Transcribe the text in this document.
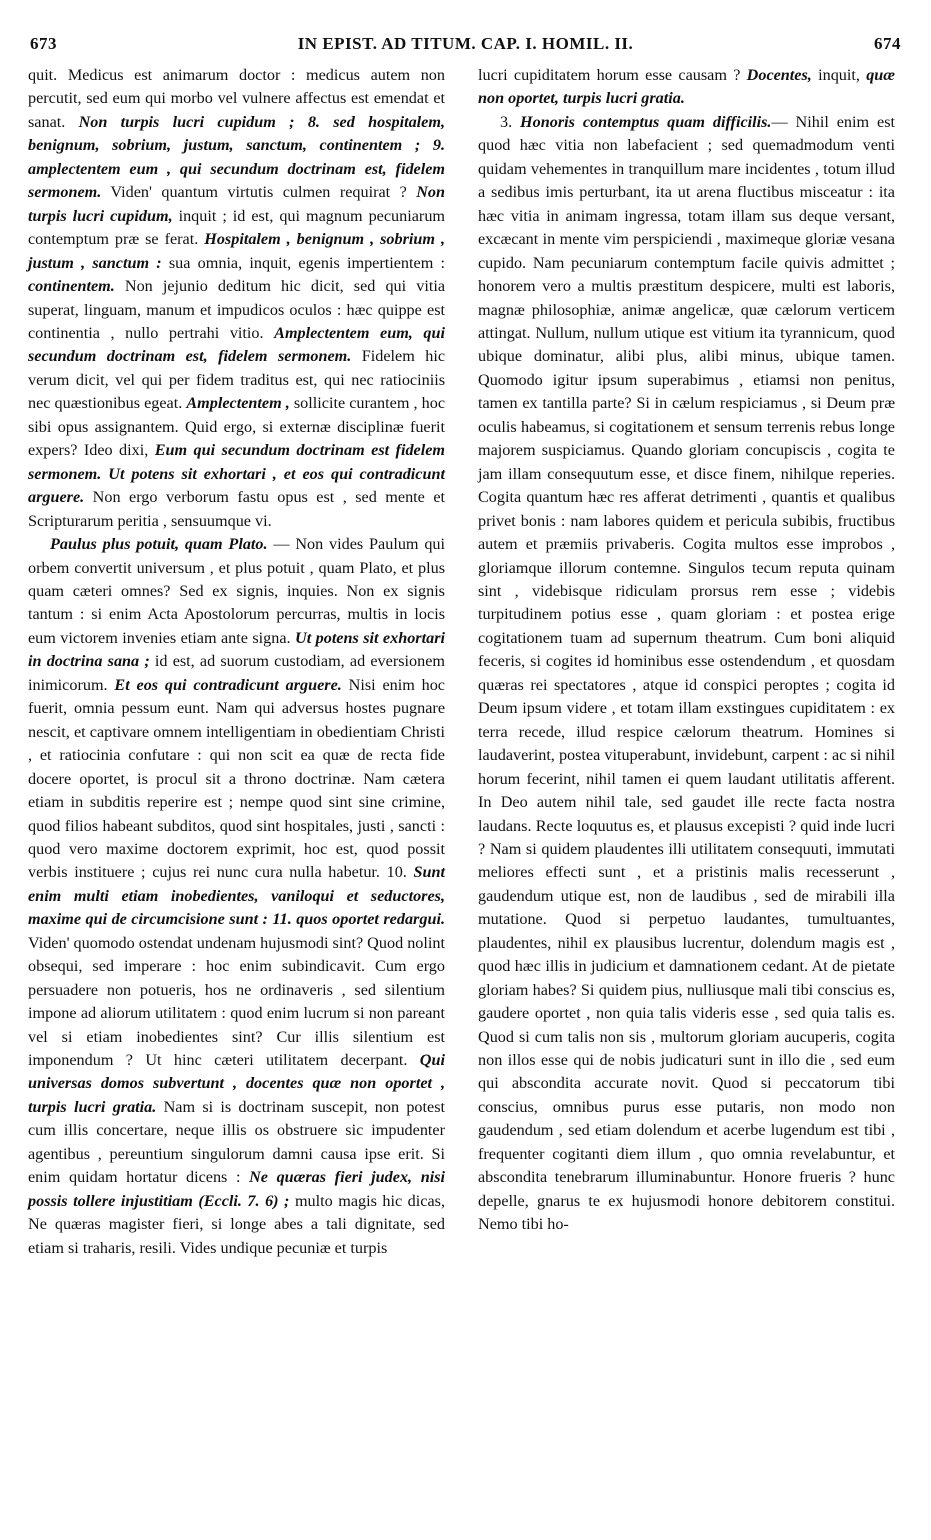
673	IN EPIST. AD TITUM. CAP. I. HOMIL. II.	674

quit. Medicus est animarum doctor : medicus autem non percutit, sed eum qui morbo vel vulnere affectus est emendat et sanat. Non turpis lucri cupidum ; 8. sed hospitalem, benignum, sobrium, justum, sanctum, continentem ; 9. amplectentem eum , qui secundum doctrinam est, fidelem sermonem. Viden' quantum virtutis culmen requirat ? Non turpis lucri cupidum, inquit ; id est, qui magnum pecuniarum contemptum præ se ferat. Hospitalem , benignum , sobrium , justum , sanctum : sua omnia, inquit, egenis impertientem : continentem. Non jejunio deditum hic dicit, sed qui vitia superat, linguam, manum et impudicos oculos : hæc quippe est continentia , nullo pertrahi vitio. Amplectentem eum, qui secundum doctrinam est, fidelem sermonem. Fidelem hic verum dicit, vel qui per fidem traditus est, qui nec ratiociniis nec quæstionibus egeat. Amplectentem , sollicite curantem , hoc sibi opus assignantem. Quid ergo, si externæ disciplinæ fuerit expers? Ideo dixi, Eum qui secundum doctrinam est fidelem sermonem. Ut potens sit exhortari , et eos qui contradicunt arguere. Non ergo verborum fastu opus est , sed mente et Scripturarum peritia , sensuumque vi.

Paulus plus potuit, quam Plato. — Non vides Paulum qui orbem convertit universum , et plus potuit , quam Plato, et plus quam cæteri omnes? Sed ex signis, inquies. Non ex signis tantum : si enim Acta Apostolorum percurras, multis in locis eum victorem invenies etiam ante signa. Ut potens sit exhortari in doctrina sana ; id est, ad suorum custodiam, ad eversionem inimicorum. Et eos qui contradicunt arguere. Nisi enim hoc fuerit, omnia pessum eunt. Nam qui adversus hostes pugnare nescit, et captivare omnem intelligentiam in obedientiam Christi , et ratiocinia confutare : qui non scit ea quæ de recta fide docere oportet, is procul sit a throno doctrinæ. Nam cætera etiam in subditis reperire est ; nempe quod sint sine crimine, quod filios habeant subditos, quod sint hospitales, justi , sancti : quod vero maxime doctorem exprimit, hoc est, quod possit verbis instituere ; cujus rei nunc cura nulla habetur. 10. Sunt enim multi etiam inobedientes, vaniloqui et seductores, maxime qui de circumcisione sunt : 11. quos oportet redargui. Viden' quomodo ostendat undenam hujusmodi sint? Quod nolint obsequi, sed imperare : hoc enim subindicavit. Cum ergo persuadere non potueris, hos ne ordinaveris , sed silentium impone ad aliorum utilitatem : quod enim lucrum si non pareant vel si etiam inobedientes sint? Cur illis silentium est imponendum ? Ut hinc cæteri utilitatem decerpant. Qui universas domos subvertunt , docentes quæ non oportet , turpis lucri gratia. Nam si is doctrinam suscepit, non potest cum illis concertare, neque illis os obstruere sic impudenter agentibus , pereuntium singulorum damni causa ipse erit. Si enim quidam hortatur dicens : Ne quæras fieri judex, nisi possis tollere injustitiam (Eccli. 7. 6) ; multo magis hic dicas, Ne quæras magister fieri, si longe abes a tali dignitate, sed etiam si traharis, resili. Vides undique pecuniæ et turpis

lucri cupiditatem horum esse causam ? Docentes, inquit, quæ non oportet, turpis lucri gratia.

3. Honoris contemptus quam difficilis.— Nihil enim est quod hæc vitia non labefacient ; sed quemadmodum venti quidam vehementes in tranquillum mare incidentes , totum illud a sedibus imis perturbant, ita ut arena fluctibus misceatur : ita hæc vitia in animam ingressa, totam illam sus deque versant, excæcant in mente vim perspiciendi , maximeque gloriæ vesana cupido. Nam pecuniarum contemptum facile quivis admittet ; honorem vero a multis præstitum despicere, multi est laboris, magnæ philosophiæ, animæ angelicæ, quæ cælorum verticem attingat. Nullum, nullum utique est vitium ita tyrannicum, quod ubique dominatur, alibi plus, alibi minus, ubique tamen. Quomodo igitur ipsum superabimus , etiamsi non penitus, tamen ex tantilla parte? Si in cælum respiciamus , si Deum præ oculis habeamus, si cogitationem et sensum terrenis rebus longe majorem suspiciamus. Quando gloriam concupiscis , cogita te jam illam consequutum esse, et disce finem, nihilque reperies. Cogita quantum hæc res afferat detrimenti , quantis et qualibus privet bonis : nam labores quidem et pericula subibis, fructibus autem et præmiis privaberis. Cogita multos esse improbos , gloriamque illorum contemne. Singulos tecum reputa quinam sint , videbisque ridiculam prorsus rem esse ; videbis turpitudinem potius esse , quam gloriam : et postea erige cogitationem tuam ad supernum theatrum. Cum boni aliquid feceris, si cogites id hominibus esse ostendendum , et quosdam quæras rei spectatores , atque id conspici peroptes ; cogita id Deum ipsum videre , et totam illam exstingues cupiditatem : ex terra recede, illud respice cælorum theatrum. Homines si laudaverint, postea vituperabunt, invidebunt, carpent : ac si nihil horum fecerint, nihil tamen ei quem laudant utilitatis afferent. In Deo autem nihil tale, sed gaudet ille recte facta nostra laudans. Recte loquutus es, et plausus excepisti ? quid inde lucri ? Nam si quidem plaudentes illi utilitatem consequuti, immutati meliores effecti sunt , et a pristinis malis recesserunt , gaudendum utique est, non de laudibus , sed de mirabili illa mutatione. Quod si perpetuo laudantes, tumultuantes, plaudentes, nihil ex plausibus lucrentur, dolendum magis est , quod hæc illis in judicium et damnationem cedant. At de pietate gloriam habes? Si quidem pius, nulliusque mali tibi conscius es, gaudere oportet , non quia talis videris esse , sed quia talis es. Quod si cum talis non sis , multorum gloriam aucuperis, cogita non illos esse qui de nobis judicaturi sunt in illo die , sed eum qui abscondita accurate novit. Quod si peccatorum tibi conscius, omnibus purus esse putaris, non modo non gaudendum , sed etiam dolendum et acerbe lugendum est tibi , frequenter cogitanti diem illum , quo omnia revelabuntur, et abscondita tenebrarum illuminabuntur. Honore frueris ? hunc depelle, gnarus te ex hujusmodi honore debitorem constitui. Nemo tibi ho-
